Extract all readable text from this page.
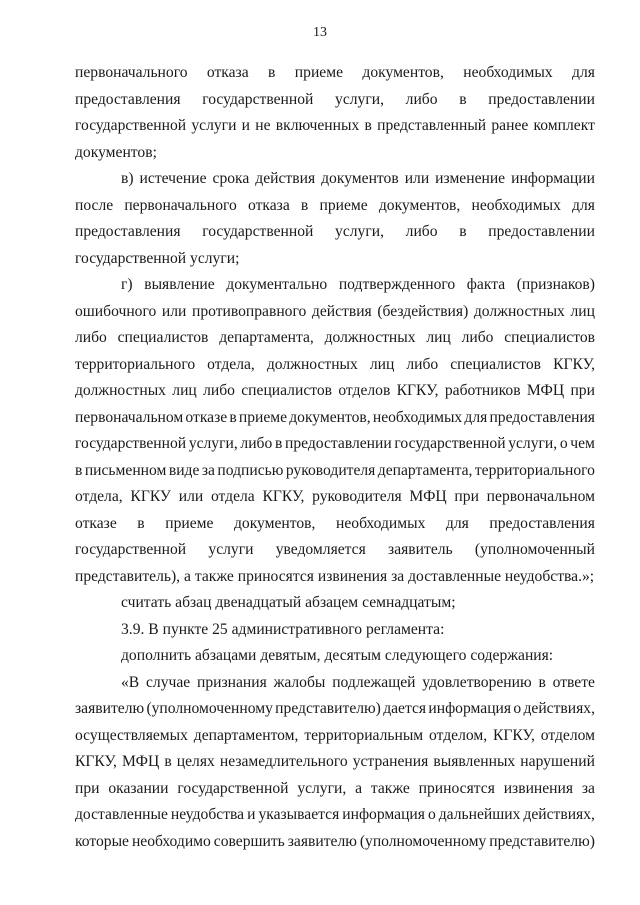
13
первоначального отказа в приеме документов, необходимых для
предоставления государственной услуги, либо в предоставлении
государственной услуги и не включенных в представленный ранее комплект
документов;
в) истечение срока действия документов или изменение информации
после первоначального отказа в приеме документов, необходимых для
предоставления государственной услуги, либо в предоставлении
государственной услуги;
г) выявление документально подтвержденного факта (признаков)
ошибочного или противоправного действия (бездействия) должностных лиц
либо специалистов департамента, должностных лиц либо специалистов
территориального отдела, должностных лиц либо специалистов КГКУ,
должностных лиц либо специалистов отделов КГКУ, работников МФЦ при
первоначальном отказе в приеме документов, необходимых для предоставления
государственной услуги, либо в предоставлении государственной услуги, о чем
в письменном виде за подписью руководителя департамента, территориального
отдела, КГКУ или отдела КГКУ, руководителя МФЦ при первоначальном
отказе в приеме документов, необходимых для предоставления
государственной услуги уведомляется заявитель (уполномоченный
представитель), а также приносятся извинения за доставленные неудобства.»;
считать абзац двенадцатый абзацем семнадцатым;
3.9. В пункте 25 административного регламента:
дополнить абзацами девятым, десятым следующего содержания:
«В случае признания жалобы подлежащей удовлетворению в ответе
заявителю (уполномоченному представителю) дается информация о действиях,
осуществляемых департаментом, территориальным отделом, КГКУ, отделом
КГКУ, МФЦ в целях незамедлительного устранения выявленных нарушений
при оказании государственной услуги, а также приносятся извинения за
доставленные неудобства и указывается информация о дальнейших действиях,
которые необходимо совершить заявителю (уполномоченному представителю)
